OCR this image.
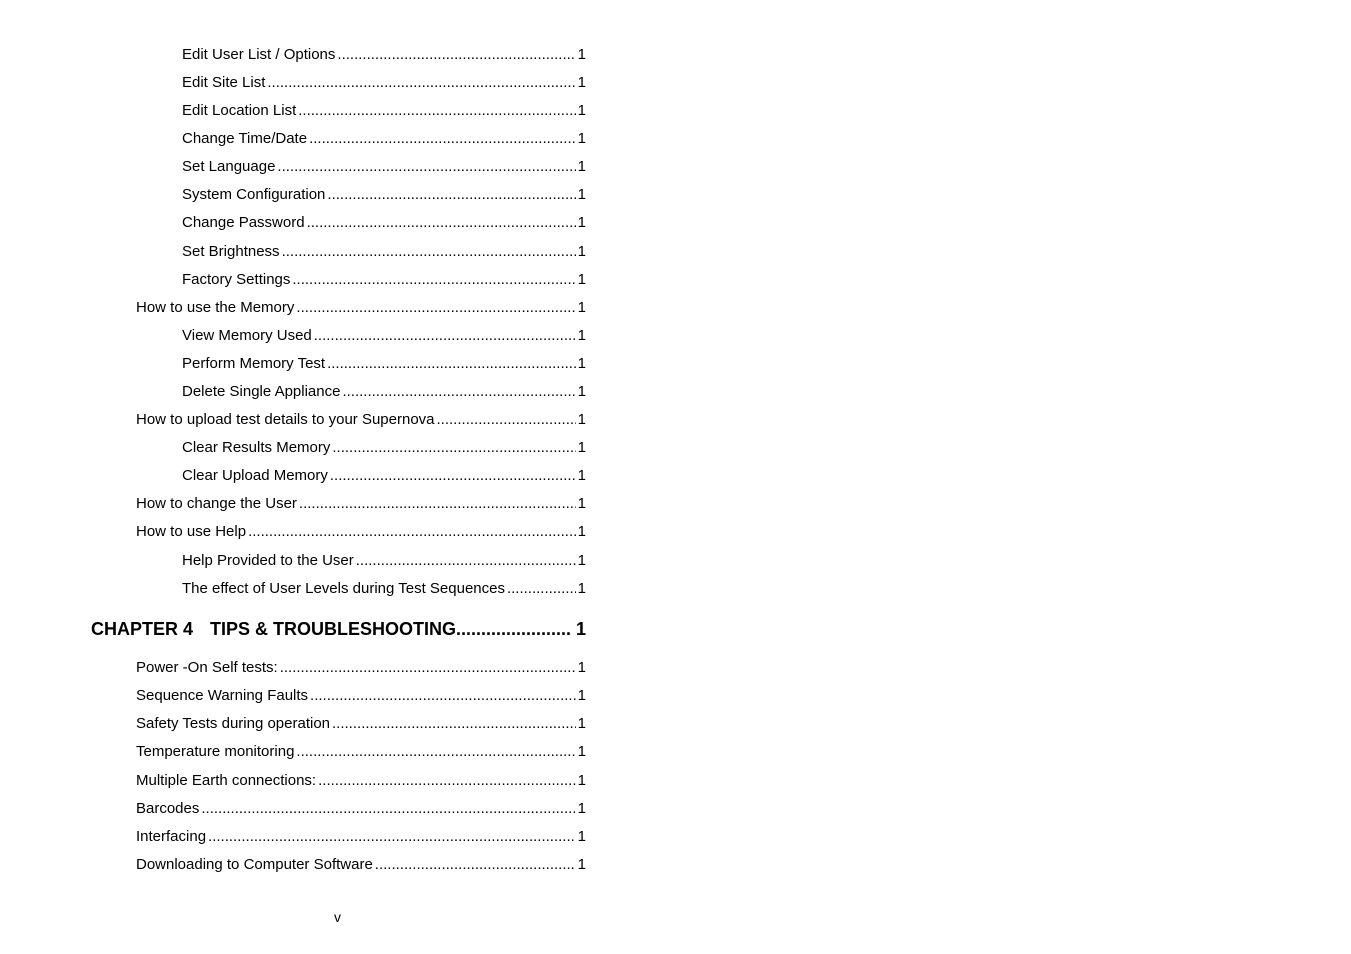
Edit User List / Options .....	1
Edit Site List .....	1
Edit Location List .....	1
Change Time/Date .....	1
Set Language .....	1
System Configuration .....	1
Change Password .....	1
Set Brightness .....	1
Factory Settings .....	1
How to use the Memory .....	1
View Memory Used .....	1
Perform Memory Test .....	1
Delete Single Appliance .....	1
How to upload test details to your Supernova .....	1
Clear Results Memory .....	1
Clear Upload Memory .....	1
How to change the User .....	1
How to use Help .....	1
Help Provided to the User .....	1
The effect of User Levels during Test Sequences .....	1
CHAPTER 4 TIPS & TROUBLESHOOTING .....	1
Power -On Self tests: .....	1
Sequence Warning Faults .....	1
Safety Tests during operation .....	1
Temperature monitoring .....	1
Multiple Earth connections: .....	1
Barcodes .....	1
Interfacing .....	1
Downloading to Computer Software .....	1
v
